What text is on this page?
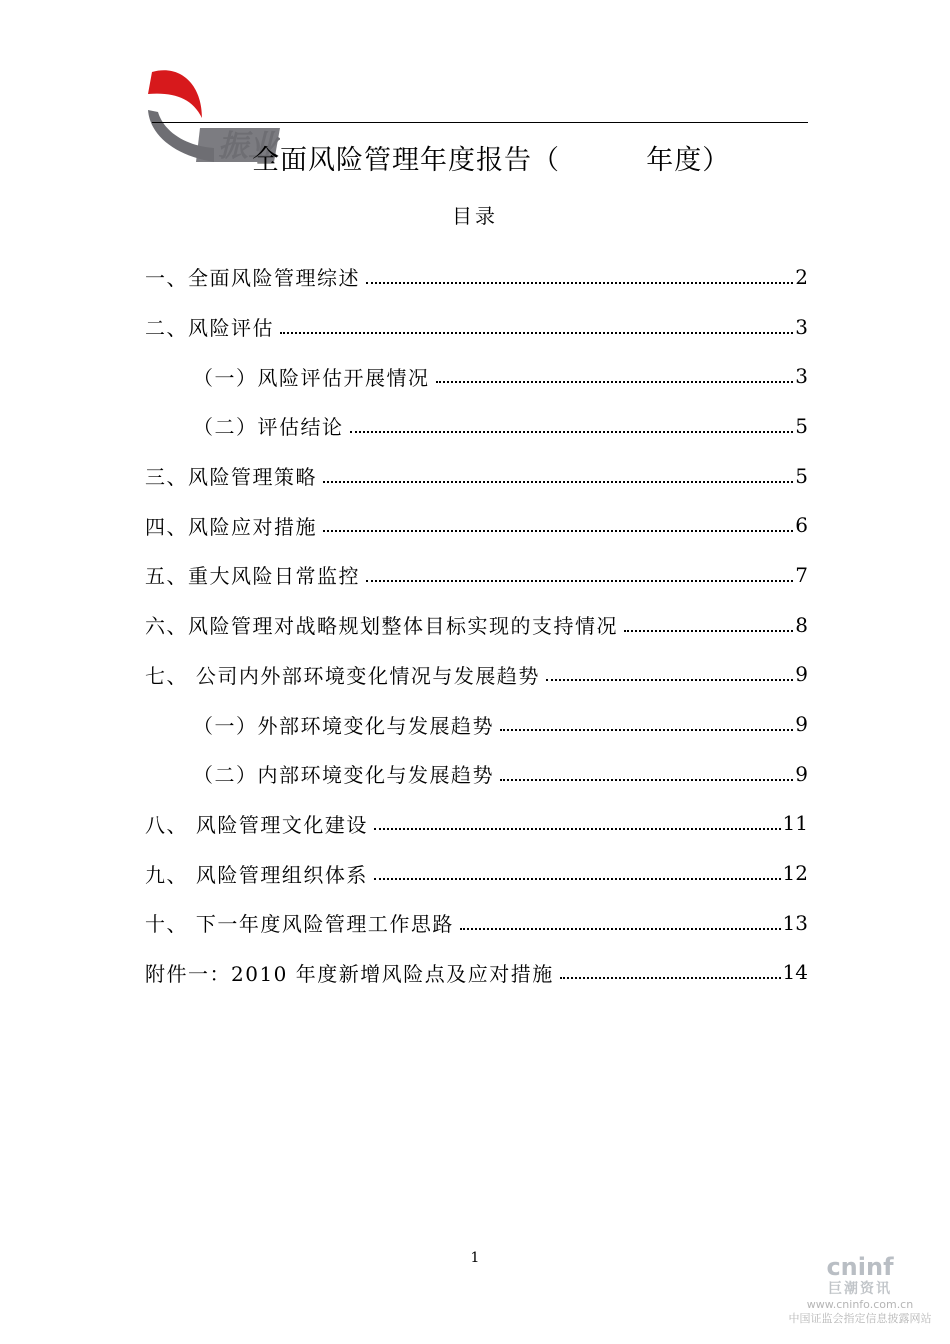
振业
全面风险管理年度报告（         年度）
目录
一、全面风险管理综述	2
二、风险评估	3
（一）风险评估开展情况	3
（二）评估结论	5
三、风险管理策略	5
四、风险应对措施	6
五、重大风险日常监控	7
六、风险管理对战略规划整体目标实现的支持情况	8
七、 公司内外部环境变化情况与发展趋势	9
（一）外部环境变化与发展趋势	9
（二）内部环境变化与发展趋势	9
八、 风险管理文化建设	11
九、 风险管理组织体系	12
十、 下一年度风险管理工作思路	13
附件一：2010 年度新增风险点及应对措施	14
1	cninf
巨潮资讯
www.cninfo.com.cn
中国证监会指定信息披露网站
